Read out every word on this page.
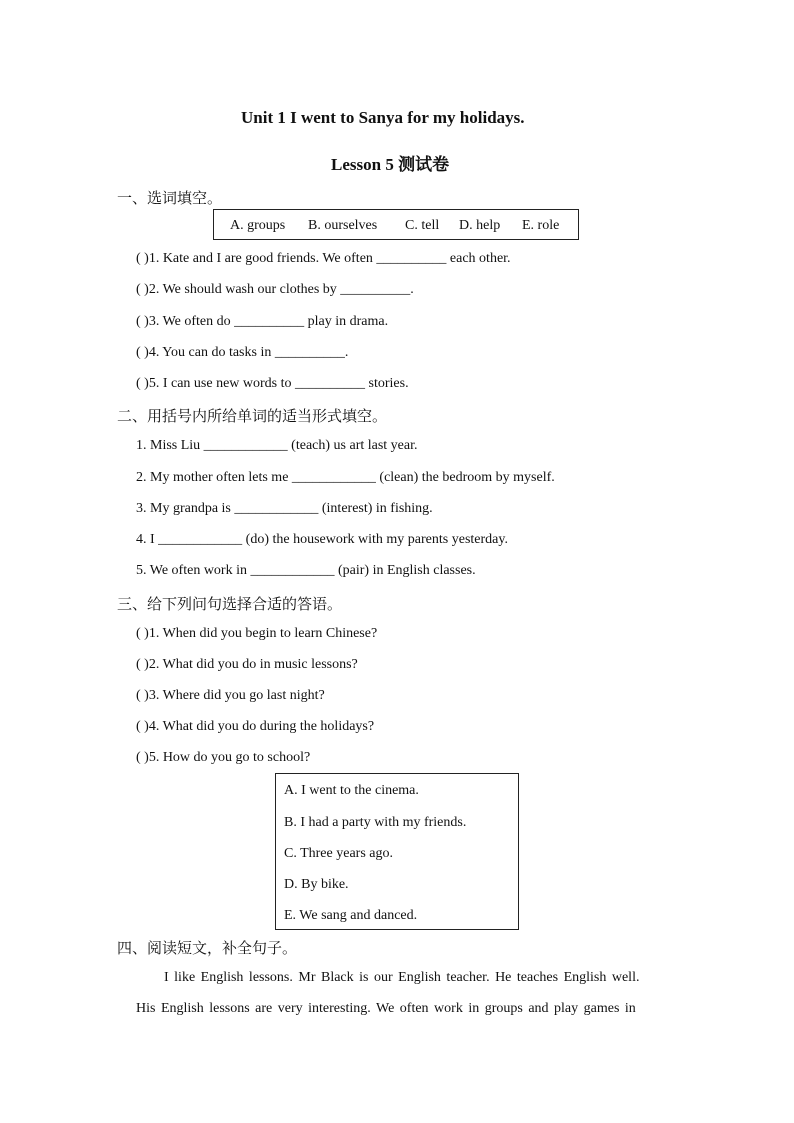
Unit 1 I went to Sanya for my holidays.
Lesson 5 测试卷
一、选词填空。
A. groups B. ourselves C. tell D. help E. role
( )1. Kate and I are good friends. We often __________ each other.
( )2. We should wash our clothes by __________.
( )3. We often do __________ play in drama.
( )4. You can do tasks in __________.
( )5. I can use new words to __________ stories.
二、用括号内所给单词的适当形式填空。
1. Miss Liu ____________ (teach) us art last year.
2. My mother often lets me ____________ (clean) the bedroom by myself.
3. My grandpa is ____________ (interest) in fishing.
4. I ____________ (do) the housework with my parents yesterday.
5. We often work in ____________ (pair) in English classes.
三、给下列问句选择合适的答语。
( )1. When did you begin to learn Chinese?
( )2. What did you do in music lessons?
( )3. Where did you go last night?
( )4. What did you do during the holidays?
( )5. How do you go to school?
A. I went to the cinema.
B. I had a party with my friends.
C. Three years ago.
D. By bike.
E. We sang and danced.
四、阅读短文，补全句子。
I like English lessons. Mr Black is our English teacher. He teaches English well.
His English lessons are very interesting. We often work in groups and play games in
